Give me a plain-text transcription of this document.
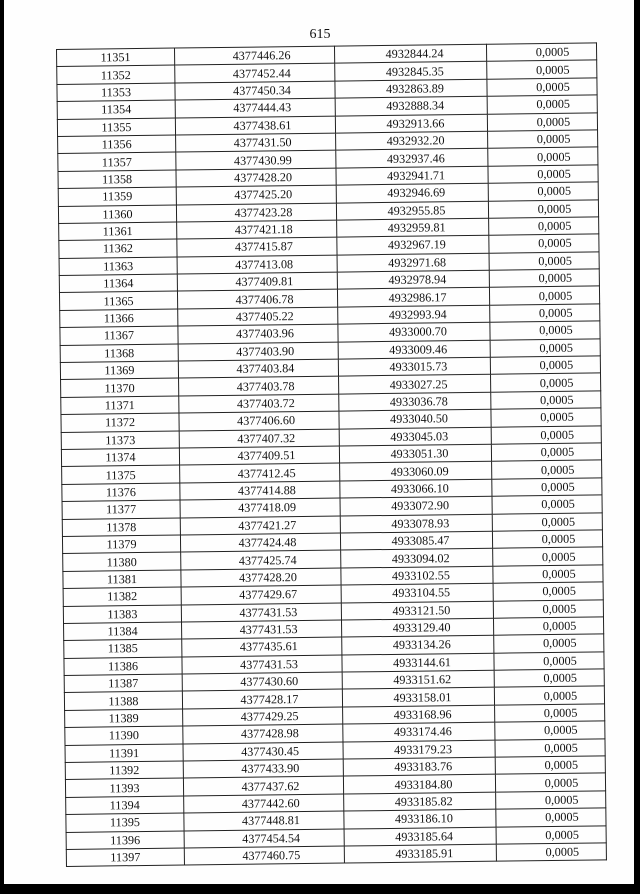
615
11351	4377446.26	4932844.24	0,0005
11352	4377452.44	4932845.35	0,0005
11353	4377450.34	4932863.89	0,0005
11354	4377444.43	4932888.34	0,0005
11355	4377438.61	4932913.66	0,0005
11356	4377431.50	4932932.20	0,0005
11357	4377430.99	4932937.46	0,0005
11358	4377428.20	4932941.71	0,0005
11359	4377425.20	4932946.69	0,0005
11360	4377423.28	4932955.85	0,0005
11361	4377421.18	4932959.81	0,0005
11362	4377415.87	4932967.19	0,0005
11363	4377413.08	4932971.68	0,0005
11364	4377409.81	4932978.94	0,0005
11365	4377406.78	4932986.17	0,0005
11366	4377405.22	4932993.94	0,0005
11367	4377403.96	4933000.70	0,0005
11368	4377403.90	4933009.46	0,0005
11369	4377403.84	4933015.73	0,0005
11370	4377403.78	4933027.25	0,0005
11371	4377403.72	4933036.78	0,0005
11372	4377406.60	4933040.50	0,0005
11373	4377407.32	4933045.03	0,0005
11374	4377409.51	4933051.30	0,0005
11375	4377412.45	4933060.09	0,0005
11376	4377414.88	4933066.10	0,0005
11377	4377418.09	4933072.90	0,0005
11378	4377421.27	4933078.93	0,0005
11379	4377424.48	4933085.47	0,0005
11380	4377425.74	4933094.02	0,0005
11381	4377428.20	4933102.55	0,0005
11382	4377429.67	4933104.55	0,0005
11383	4377431.53	4933121.50	0,0005
11384	4377431.53	4933129.40	0,0005
11385	4377435.61	4933134.26	0,0005
11386	4377431.53	4933144.61	0,0005
11387	4377430.60	4933151.62	0,0005
11388	4377428.17	4933158.01	0,0005
11389	4377429.25	4933168.96	0,0005
11390	4377428.98	4933174.46	0,0005
11391	4377430.45	4933179.23	0,0005
11392	4377433.90	4933183.76	0,0005
11393	4377437.62	4933184.80	0,0005
11394	4377442.60	4933185.82	0,0005
11395	4377448.81	4933186.10	0,0005
11396	4377454.54	4933185.64	0,0005
11397	4377460.75	4933185.91	0,0005
